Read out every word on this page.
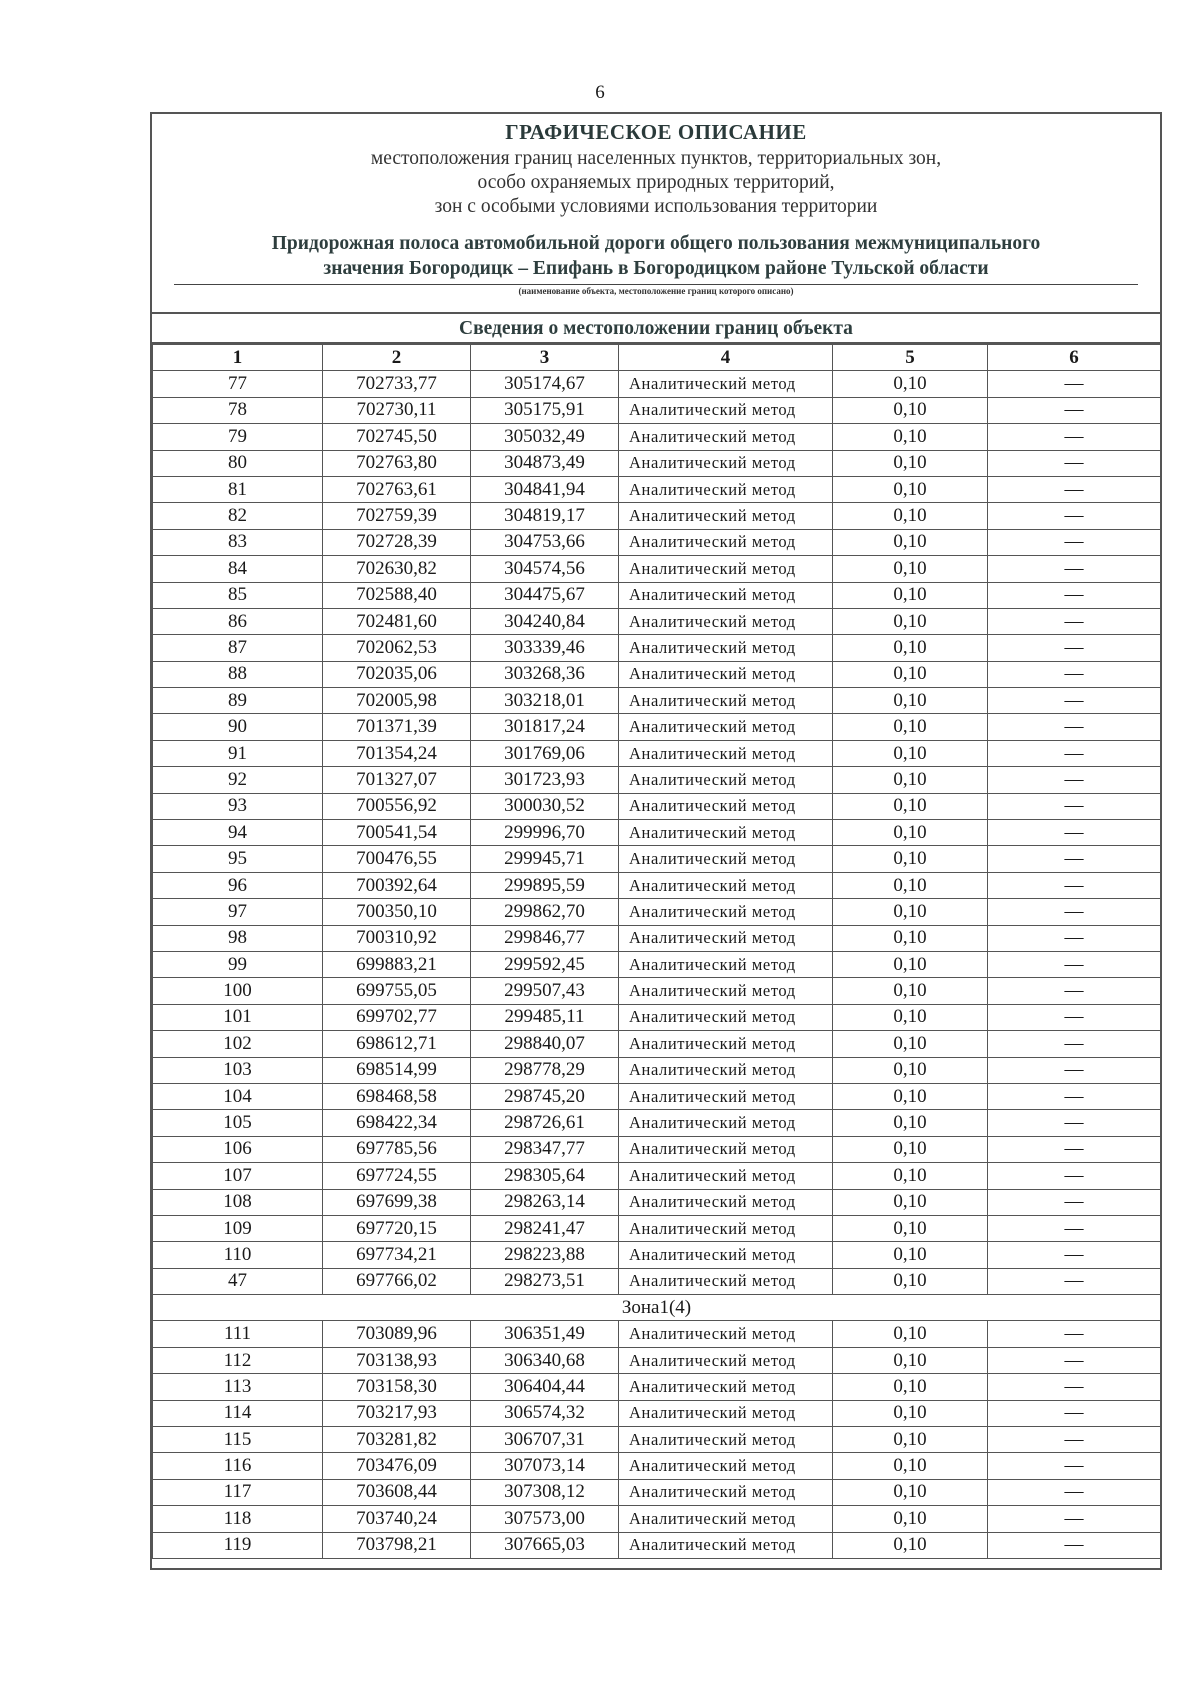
6
ГРАФИЧЕСКОЕ ОПИСАНИЕ
местоположения границ населенных пунктов, территориальных зон,
особо охраняемых природных территорий,
зон с особыми условиями использования территории
Придорожная полоса автомобильной дороги общего пользования межмуниципального
значения Богородицк – Епифань в Богородицком районе Тульской области
(наименование объекта, местоположение границ которого описано)
Сведения о местоположении границ объекта
1	2	3	4	5	6
77	702733,77	305174,67	Аналитический метод	0,10	—
78	702730,11	305175,91	Аналитический метод	0,10	—
79	702745,50	305032,49	Аналитический метод	0,10	—
80	702763,80	304873,49	Аналитический метод	0,10	—
81	702763,61	304841,94	Аналитический метод	0,10	—
82	702759,39	304819,17	Аналитический метод	0,10	—
83	702728,39	304753,66	Аналитический метод	0,10	—
84	702630,82	304574,56	Аналитический метод	0,10	—
85	702588,40	304475,67	Аналитический метод	0,10	—
86	702481,60	304240,84	Аналитический метод	0,10	—
87	702062,53	303339,46	Аналитический метод	0,10	—
88	702035,06	303268,36	Аналитический метод	0,10	—
89	702005,98	303218,01	Аналитический метод	0,10	—
90	701371,39	301817,24	Аналитический метод	0,10	—
91	701354,24	301769,06	Аналитический метод	0,10	—
92	701327,07	301723,93	Аналитический метод	0,10	—
93	700556,92	300030,52	Аналитический метод	0,10	—
94	700541,54	299996,70	Аналитический метод	0,10	—
95	700476,55	299945,71	Аналитический метод	0,10	—
96	700392,64	299895,59	Аналитический метод	0,10	—
97	700350,10	299862,70	Аналитический метод	0,10	—
98	700310,92	299846,77	Аналитический метод	0,10	—
99	699883,21	299592,45	Аналитический метод	0,10	—
100	699755,05	299507,43	Аналитический метод	0,10	—
101	699702,77	299485,11	Аналитический метод	0,10	—
102	698612,71	298840,07	Аналитический метод	0,10	—
103	698514,99	298778,29	Аналитический метод	0,10	—
104	698468,58	298745,20	Аналитический метод	0,10	—
105	698422,34	298726,61	Аналитический метод	0,10	—
106	697785,56	298347,77	Аналитический метод	0,10	—
107	697724,55	298305,64	Аналитический метод	0,10	—
108	697699,38	298263,14	Аналитический метод	0,10	—
109	697720,15	298241,47	Аналитический метод	0,10	—
110	697734,21	298223,88	Аналитический метод	0,10	—
47	697766,02	298273,51	Аналитический метод	0,10	—
Зона1(4)					
111	703089,96	306351,49	Аналитический метод	0,10	—
112	703138,93	306340,68	Аналитический метод	0,10	—
113	703158,30	306404,44	Аналитический метод	0,10	—
114	703217,93	306574,32	Аналитический метод	0,10	—
115	703281,82	306707,31	Аналитический метод	0,10	—
116	703476,09	307073,14	Аналитический метод	0,10	—
117	703608,44	307308,12	Аналитический метод	0,10	—
118	703740,24	307573,00	Аналитический метод	0,10	—
119	703798,21	307665,03	Аналитический метод	0,10	—
